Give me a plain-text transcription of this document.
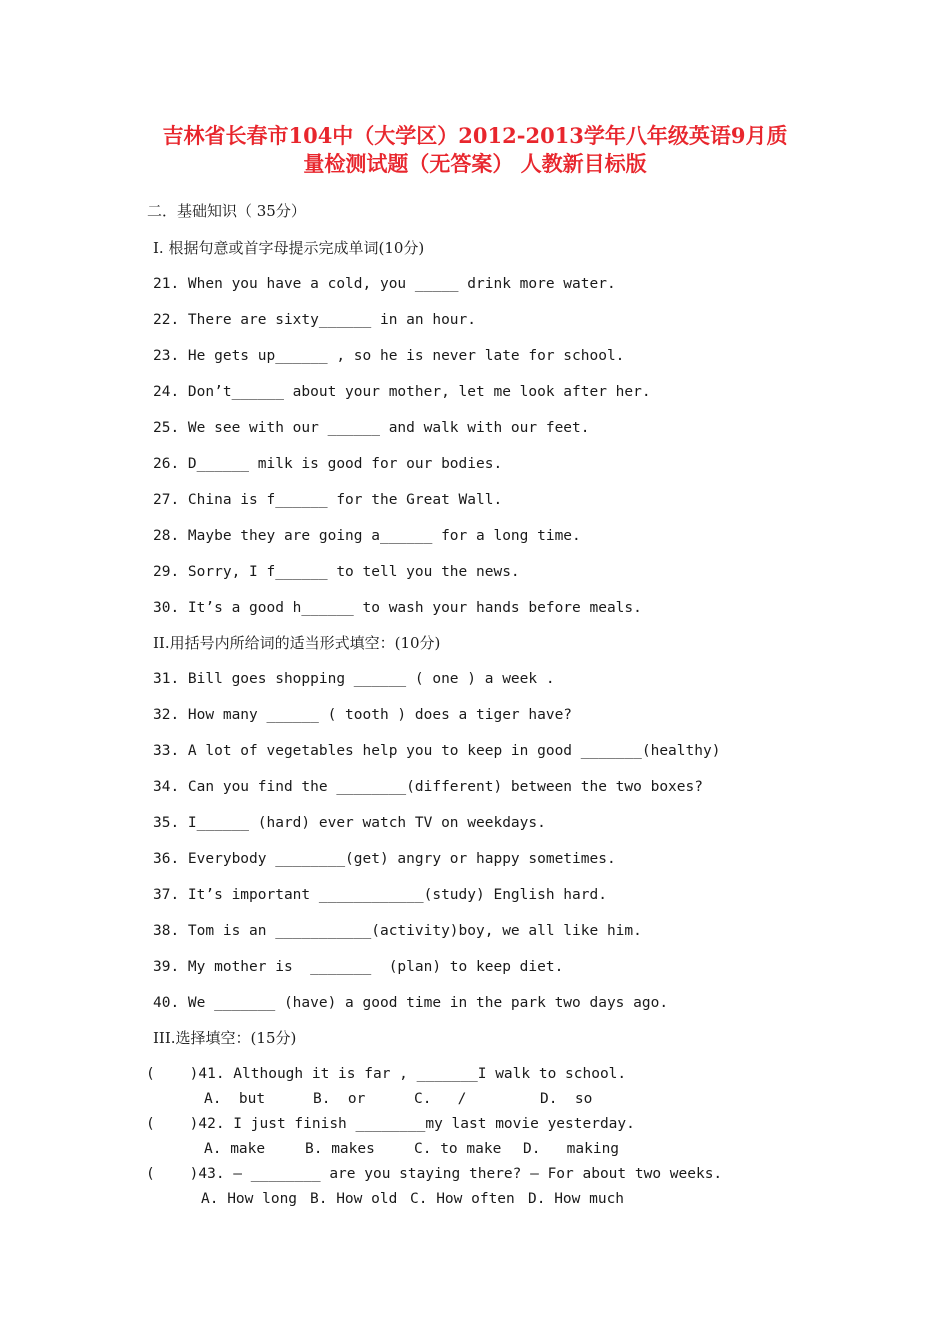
吉林省长春市104中（大学区）2012-2013学年八年级英语9月质
量检测试题（无答案） 人教新目标版
二．基础知识（ 35分）
I. 根据句意或首字母提示完成单词(10分)
21. When you have a cold, you _____ drink more water.
22. There are sixty______ in an hour.
23. He gets up______ , so he is never late for school.
24. Don’t______ about your mother, let me look after her.
25. We see with our ______ and walk with our feet.
26. D______ milk is good for our bodies.
27. China is f______ for the Great Wall.
28. Maybe they are going a______ for a long time.
29. Sorry, I f______ to tell you the news.
30. It’s a good h______ to wash your hands before meals.
II.用括号内所给词的适当形式填空：(10分)
31. Bill goes shopping ______ ( one ) a week .
32. How many ______ ( tooth ) does a tiger have?
33. A lot of vegetables help you to keep in good _______(healthy)
34. Can you find the ________(different) between the two boxes?
35. I______ (hard) ever watch TV on weekdays.
36. Everybody ________(get) angry or happy sometimes.
37. It’s important ____________(study) English hard.
38. Tom is an ___________(activity)boy, we all like him.
39. My mother is  _______  (plan) to keep diet.
40. We _______ (have) a good time in the park two days ago.
III.选择填空：(15分)
(    )41. Although it is far , _______I walk to school.
A.  but	B.  or	C.   /	D.  so
(    )42. I just finish ________my last movie yesterday.
A. make	B. makes	C. to make D.   making
(    )43. — ________ are you staying there? — For about two weeks.
A. How long B. How old C. How often D. How much
